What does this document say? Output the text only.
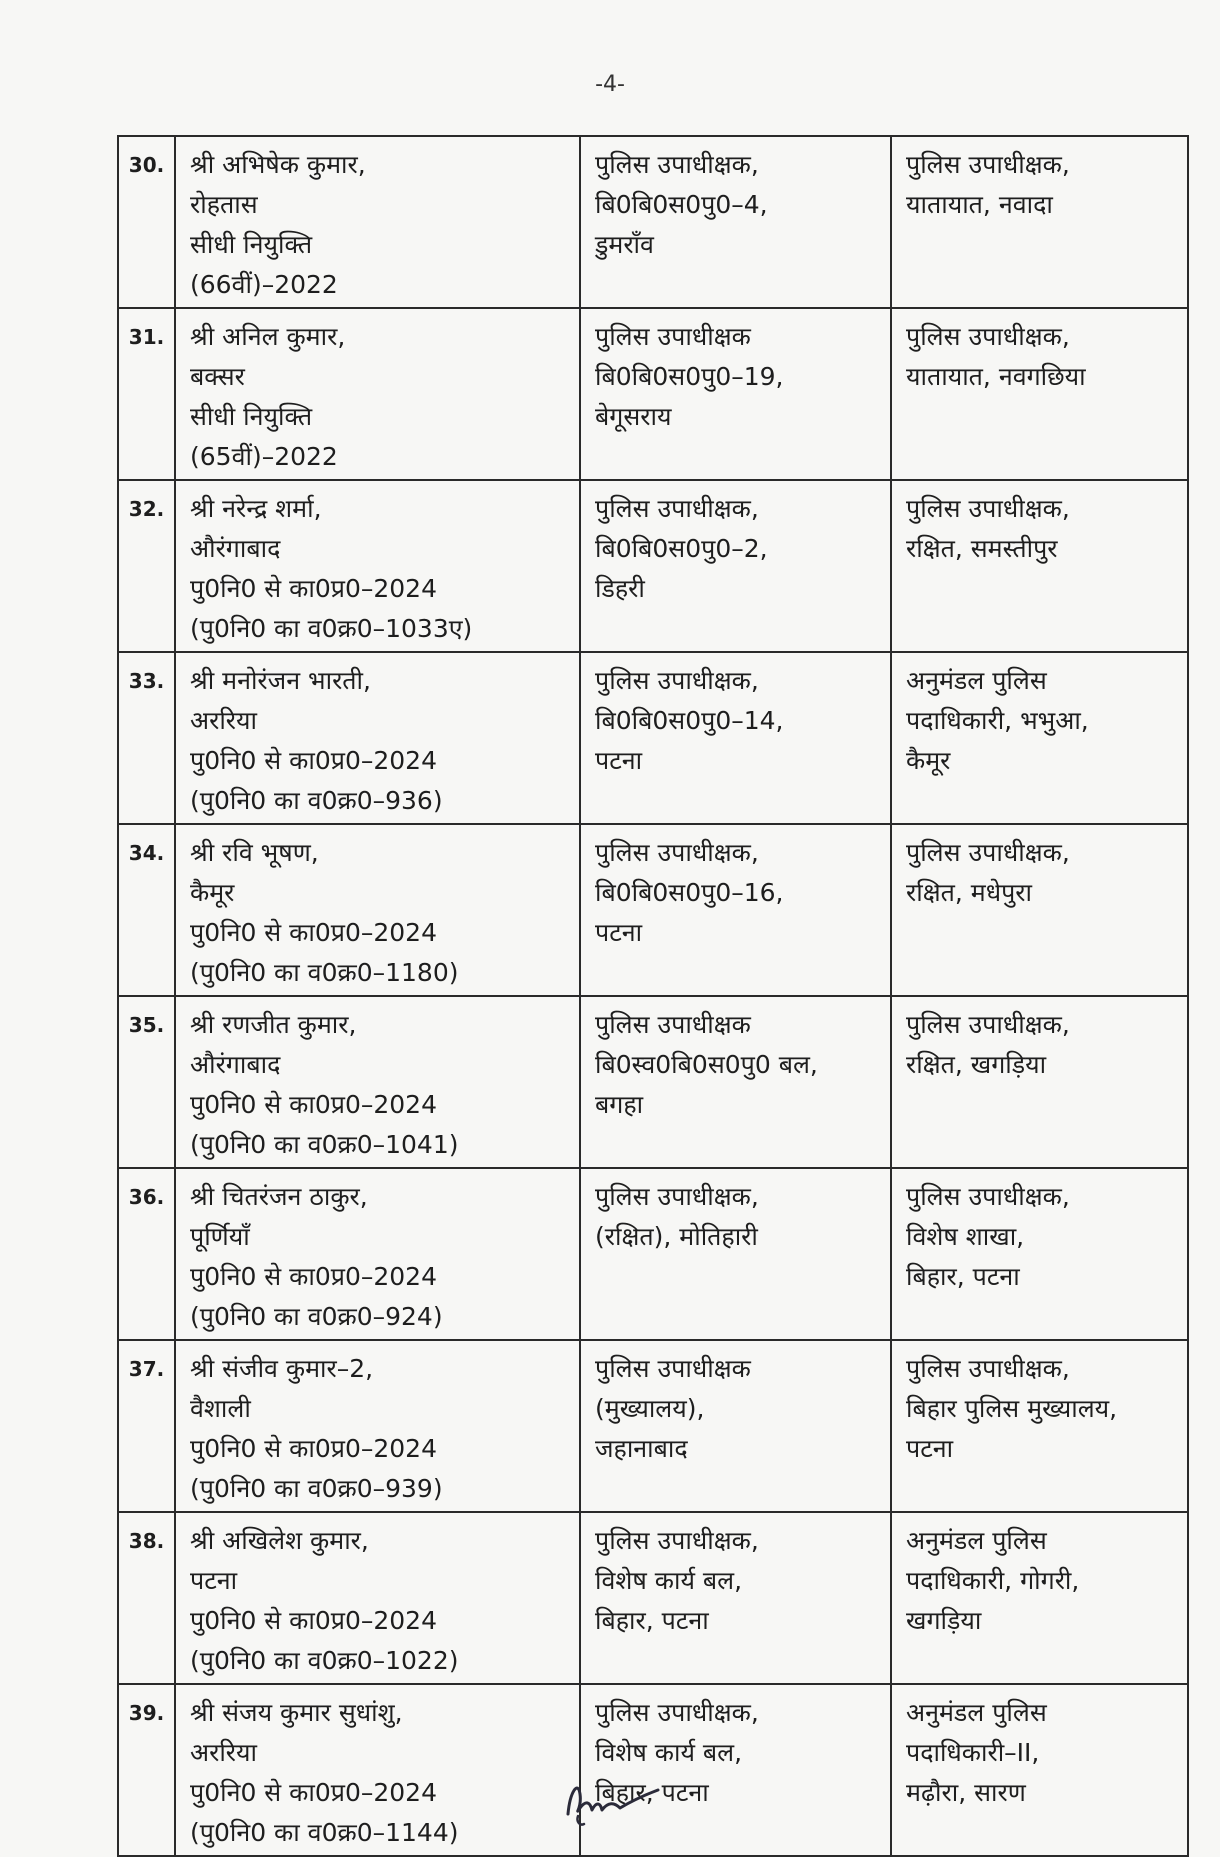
-4-
30.	श्री अभिषेक कुमार,
रोहतास
सीधी नियुक्ति
(66वीं)–2022	पुलिस उपाधीक्षक,
बि0बि0स0पु0–4,
डुमराँव	पुलिस उपाधीक्षक,
यातायात, नवादा

31.	श्री अनिल कुमार,
बक्सर
सीधी नियुक्ति
(65वीं)–2022	पुलिस उपाधीक्षक
बि0बि0स0पु0–19,
बेगूसराय	पुलिस उपाधीक्षक,
यातायात, नवगछिया

32.	श्री नरेन्द्र शर्मा,
औरंगाबाद
पु0नि0 से का0प्र0–2024
(पु0नि0 का व0क्र0–1033ए)	पुलिस उपाधीक्षक,
बि0बि0स0पु0–2,
डिहरी	पुलिस उपाधीक्षक,
रक्षित, समस्तीपुर

33.	श्री मनोरंजन भारती,
अररिया
पु0नि0 से का0प्र0–2024
(पु0नि0 का व0क्र0–936)	पुलिस उपाधीक्षक,
बि0बि0स0पु0–14,
पटना	अनुमंडल पुलिस
पदाधिकारी, भभुआ,
कैमूर

34.	श्री रवि भूषण,
कैमूर
पु0नि0 से का0प्र0–2024
(पु0नि0 का व0क्र0–1180)	पुलिस उपाधीक्षक,
बि0बि0स0पु0–16,
पटना	पुलिस उपाधीक्षक,
रक्षित, मधेपुरा

35.	श्री रणजीत कुमार,
औरंगाबाद
पु0नि0 से का0प्र0–2024
(पु0नि0 का व0क्र0–1041)	पुलिस उपाधीक्षक
बि0स्व0बि0स0पु0 बल,
बगहा	पुलिस उपाधीक्षक,
रक्षित, खगड़िया

36.	श्री चितरंजन ठाकुर,
पूर्णियाँ
पु0नि0 से का0प्र0–2024
(पु0नि0 का व0क्र0–924)	पुलिस उपाधीक्षक,
(रक्षित), मोतिहारी	पुलिस उपाधीक्षक,
विशेष शाखा,
बिहार, पटना

37.	श्री संजीव कुमार–2,
वैशाली
पु0नि0 से का0प्र0–2024
(पु0नि0 का व0क्र0–939)	पुलिस उपाधीक्षक
(मुख्यालय),
जहानाबाद	पुलिस उपाधीक्षक,
बिहार पुलिस मुख्यालय,
पटना

38.	श्री अखिलेश कुमार,
पटना
पु0नि0 से का0प्र0–2024
(पु0नि0 का व0क्र0–1022)	पुलिस उपाधीक्षक,
विशेष कार्य बल,
बिहार, पटना	अनुमंडल पुलिस
पदाधिकारी, गोगरी,
खगड़िया

39.	श्री संजय कुमार सुधांशु,
अररिया
पु0नि0 से का0प्र0–2024
(पु0नि0 का व0क्र0–1144)	पुलिस उपाधीक्षक,
विशेष कार्य बल,
बिहार, पटना	अनुमंडल पुलिस
पदाधिकारी–II,
मढ़ौरा, सारण
